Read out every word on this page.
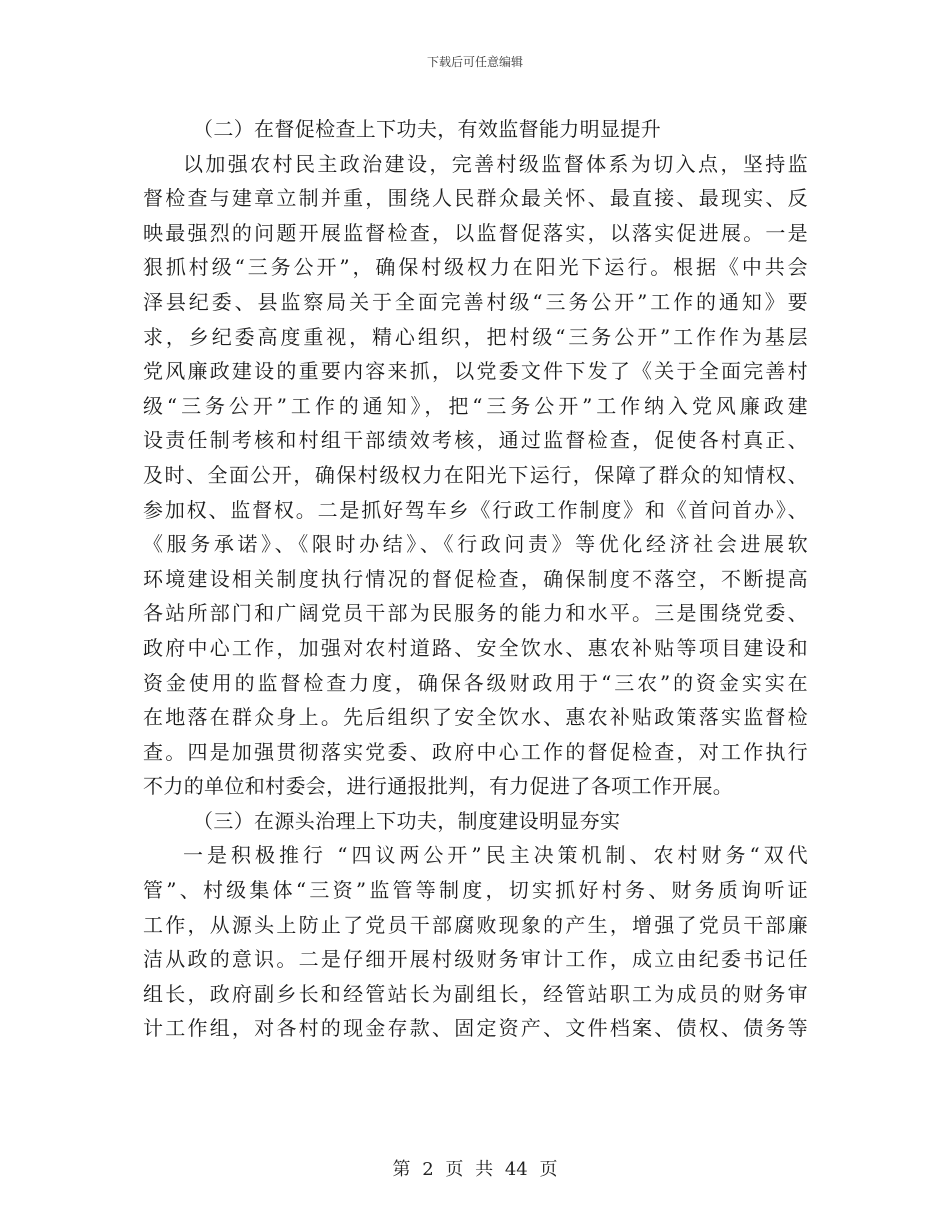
下载后可任意编辑
（二）在督促检查上下功夫，有效监督能力明显提升
以加强农村民主政治建设，完善村级监督体系为切入点，坚持监
督检查与建章立制并重，围绕人民群众最关怀、最直接、最现实、反
映最强烈的问题开展监督检查，以监督促落实，以落实促进展。一是
狠抓村级“三务公开”，确保村级权力在阳光下运行。根据《中共会
泽县纪委、县监察局关于全面完善村级“三务公开”工作的通知》要
求，乡纪委高度重视，精心组织，把村级“三务公开”工作作为基层
党风廉政建设的重要内容来抓，以党委文件下发了《关于全面完善村
级“三务公开”工作的通知》，把“三务公开”工作纳入党风廉政建
设责任制考核和村组干部绩效考核，通过监督检查，促使各村真正、
及时、全面公开，确保村级权力在阳光下运行，保障了群众的知情权、
参加权、监督权。二是抓好驾车乡《行政工作制度》和《首问首办》、
《服务承诺》、《限时办结》、《行政问责》等优化经济社会进展软
环境建设相关制度执行情况的督促检查，确保制度不落空，不断提高
各站所部门和广阔党员干部为民服务的能力和水平。三是围绕党委、
政府中心工作，加强对农村道路、安全饮水、惠农补贴等项目建设和
资金使用的监督检查力度，确保各级财政用于“三农”的资金实实在
在地落在群众身上。先后组织了安全饮水、惠农补贴政策落实监督检
查。四是加强贯彻落实党委、政府中心工作的督促检查，对工作执行
不力的单位和村委会，进行通报批判，有力促进了各项工作开展。
（三）在源头治理上下功夫，制度建设明显夯实
一是积极推行 “四议两公开”民主决策机制、农村财务“双代
管”、村级集体“三资”监管等制度，切实抓好村务、财务质询听证
工作，从源头上防止了党员干部腐败现象的产生，增强了党员干部廉
洁从政的意识。二是仔细开展村级财务审计工作，成立由纪委书记任
组长，政府副乡长和经管站长为副组长，经管站职工为成员的财务审
计工作组，对各村的现金存款、固定资产、文件档案、债权、债务等
第 2 页 共 44 页
